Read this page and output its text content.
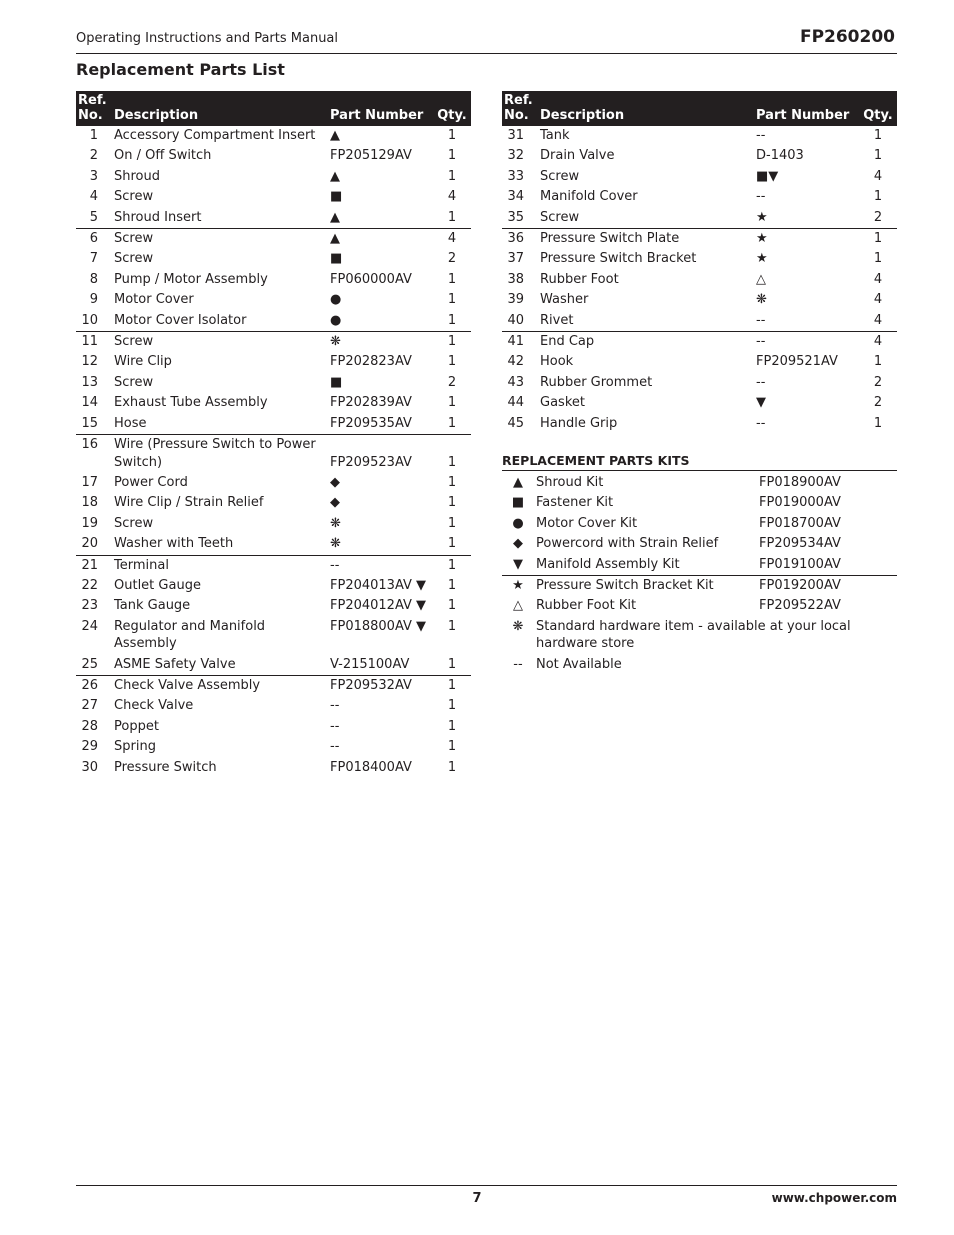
Operating Instructions and Parts Manual	FP260200
Replacement Parts List
Ref.
No.	Description	Part Number	Qty.
1	Accessory Compartment Insert	▲	1
2	On / Off Switch	FP205129AV	1
3	Shroud	▲	1
4	Screw	■	4
5	Shroud Insert	▲	1
6	Screw	▲	4
7	Screw	■	2
8	Pump / Motor Assembly	FP060000AV	1
9	Motor Cover	●	1
10	Motor Cover Isolator	●	1
11	Screw	❋	1
12	Wire Clip	FP202823AV	1
13	Screw	■	2
14	Exhaust Tube Assembly	FP202839AV	1
15	Hose	FP209535AV	1
16	Wire (Pressure Switch to Power Switch)	FP209523AV	1
17	Power Cord	◆	1
18	Wire Clip / Strain Relief	◆	1
19	Screw	❋	1
20	Washer with Teeth	❋	1
21	Terminal	--	1
22	Outlet Gauge	FP204013AV ▼	1
23	Tank Gauge	FP204012AV ▼	1
24	Regulator and Manifold Assembly	FP018800AV ▼	1
25	ASME Safety Valve	V-215100AV	1
26	Check Valve Assembly	FP209532AV	1
27	Check Valve	--	1
28	Poppet	--	1
29	Spring	--	1
30	Pressure Switch	FP018400AV	1
Ref.
No.	Description	Part Number	Qty.
31	Tank	--	1
32	Drain Valve	D-1403	1
33	Screw	■▼	4
34	Manifold Cover	--	1
35	Screw	★	2
36	Pressure Switch Plate	★	1
37	Pressure Switch Bracket	★	1
38	Rubber Foot	△	4
39	Washer	❋	4
40	Rivet	--	4
41	End Cap	--	4
42	Hook	FP209521AV	1
43	Rubber Grommet	--	2
44	Gasket	▼	2
45	Handle Grip	--	1
REPLACEMENT PARTS KITS
▲	Shroud Kit	FP018900AV
■	Fastener Kit	FP019000AV
●	Motor Cover Kit	FP018700AV
◆	Powercord with Strain Relief	FP209534AV
▼	Manifold Assembly Kit	FP019100AV
★	Pressure Switch Bracket Kit	FP019200AV
△	Rubber Foot Kit	FP209522AV
❋	Standard hardware item - available at your local hardware store	
--	Not Available	
7	www.chpower.com
